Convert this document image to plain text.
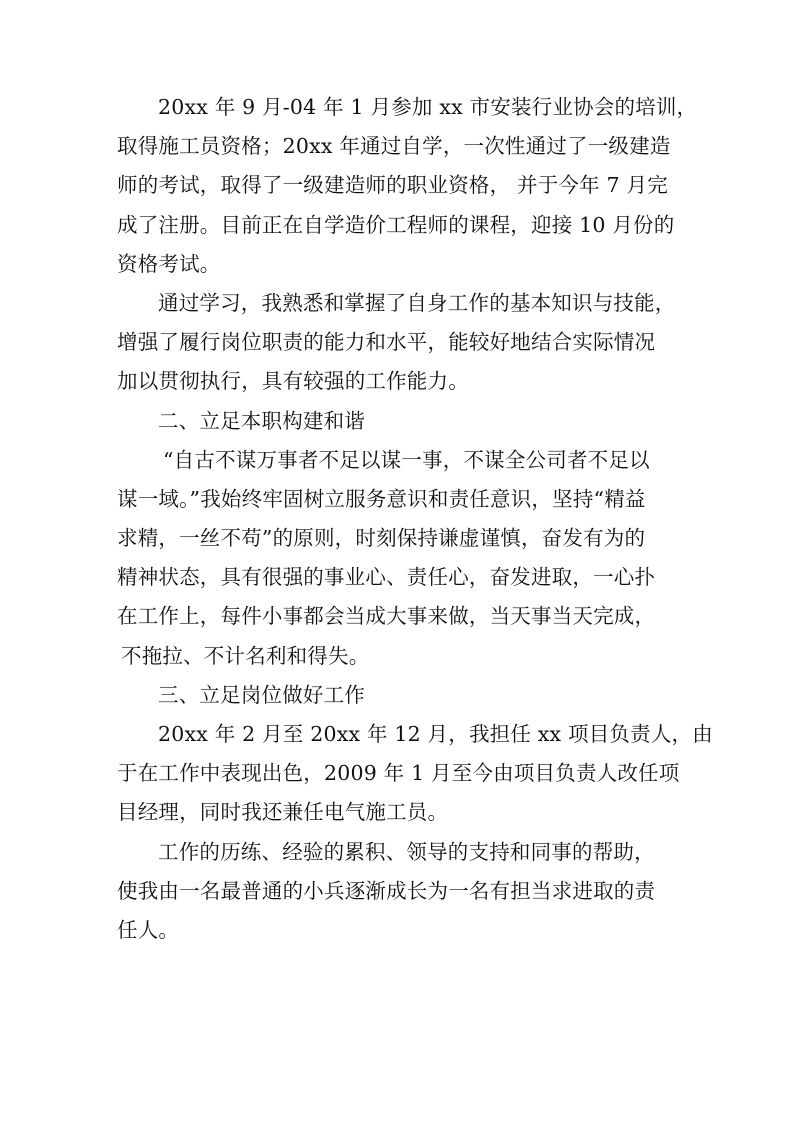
20xx 年 9 月-04 年 1 月参加 xx 市安装行业协会的培训，
取得施工员资格；20xx 年通过自学，一次性通过了一级建造
师的考试，取得了一级建造师的职业资格， 并于今年 7 月完
成了注册。目前正在自学造价工程师的课程，迎接 10 月份的
资格考试。
通过学习，我熟悉和掌握了自身工作的基本知识与技能，
增强了履行岗位职责的能力和水平，能较好地结合实际情况
加以贯彻执行，具有较强的工作能力。
二、立足本职构建和谐
“自古不谋万事者不足以谋一事，不谋全公司者不足以
谋一域。”我始终牢固树立服务意识和责任意识，坚持“精益
求精，一丝不苟”的原则，时刻保持谦虚谨慎，奋发有为的
精神状态，具有很强的事业心、责任心，奋发进取，一心扑
在工作上，每件小事都会当成大事来做，当天事当天完成，
不拖拉、不计名利和得失。
三、立足岗位做好工作
20xx 年 2 月至 20xx 年 12 月，我担任 xx 项目负责人，由
于在工作中表现出色，2009 年 1 月至今由项目负责人改任项
目经理，同时我还兼任电气施工员。
工作的历练、经验的累积、领导的支持和同事的帮助，
使我由一名最普通的小兵逐渐成长为一名有担当求进取的责
任人。
